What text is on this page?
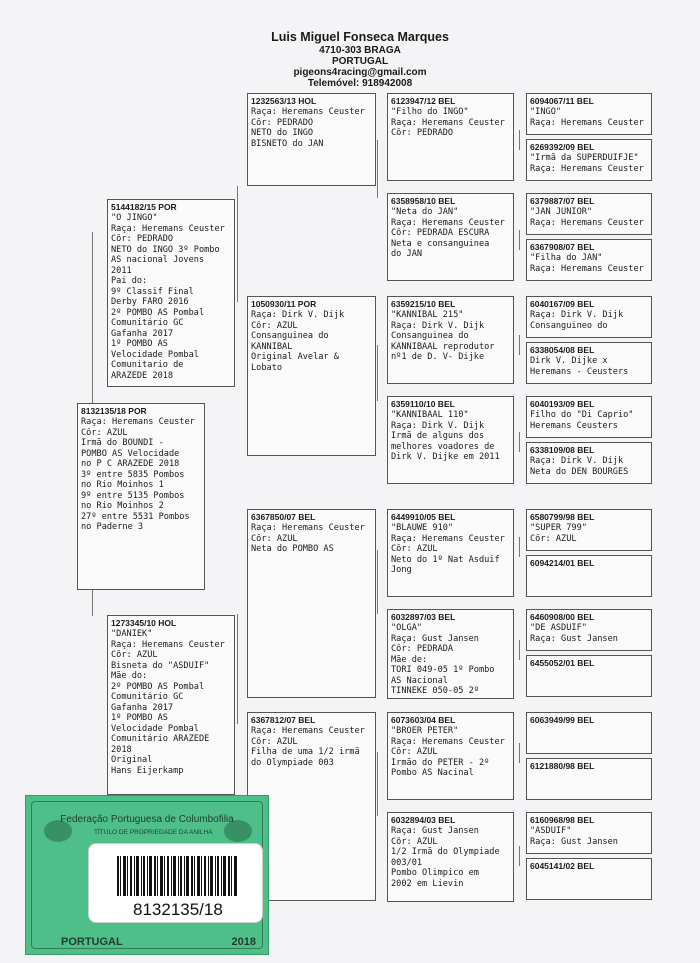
Luis Miguel Fonseca Marques
4710-303 BRAGA
PORTUGAL
pigeons4racing@gmail.com
Telemóvel: 918942008
8132135/18 POR
Raça: Heremans Ceuster
Côr: AZUL
Irmã do BOUNDI -
POMBO ÁS Velocidade
no P C ARAZEDE 2018
3º entre 5835 Pombos
no Rio Moinhos 1
9º entre 5135 Pombos
no Rio Moinhos 2
27º entre 5531 Pombos
no Paderne 3
5144182/15 POR
"O JINGO"
Raça: Heremans Ceuster
Côr: PEDRADO
NETO do INGO 3º Pombo
ÁS nacional Jovens
2011
Pai do:
9º Classif Final
Derby FARO 2016
2º POMBO ÁS Pombal
Comunitário GC
Gafanha 2017
1º POMBO ÁS
Velocidade Pombal
Comunitario de
ARAZEDE 2018
1273345/10 HOL
"DANIEK"
Raça: Heremans Ceuster
Côr: AZUL
Bisneta do "ASDUIF"
Mãe do:
2º POMBO ÁS Pombal
Comunitário GC
Gafanha 2017
1º POMBO ÁS
Velocidade Pombal
Comunitário ARAZEDE
2018
Original
Hans Eijerkamp
1232563/13 HOL
Raça: Heremans Ceuster
Côr: PEDRADO
NETO do INGO
BISNETO do JAN
1050930/11 POR
Raça: Dirk V. Dijk
Côr: AZUL
Consanguinea do
KANNIBAL
Original Avelar &
Lobato
6367850/07 BEL
Raça: Heremans Ceuster
Côr: AZUL
Neta do POMBO ÁS
6367812/07 BEL
Raça: Heremans Ceuster
Côr: AZUL
Filha de uma 1/2 irmã
do Olympiade 003
6123947/12 BEL
"Filho do INGO"
Raça: Heremans Ceuster
Côr: PEDRADO
6358958/10 BEL
"Neta do JAN"
Raça: Heremans Ceuster
Côr: PEDRADA ESCURA
Neta e consanguinea
do JAN
6359215/10 BEL
"KANNIBAL 215"
Raça: Dirk V. Dijk
Consanguinea do
KANNIBAAL reprodutor
nº1 de D. V- Dijke
6359110/10 BEL
"KANNIBAAL 110"
Raça: Dirk V. Dijk
Irmã de alguns dos
melhores voadores de
Dirk V. Dijke em 2011
6449910/05 BEL
"BLAUWE 910"
Raça: Heremans Ceuster
Côr: AZUL
Neto do 1º Nat Asduif
Jong
6032897/03 BEL
"OLGA"
Raça: Gust Jansen
Côr: PEDRADA
Mãe de:
TORI 049-05 1º Pombo
ÁS Nacional
TINNEKE 050-05 2º
6073603/04 BEL
"BROER PETER"
Raça: Heremans Ceuster
Côr: AZUL
Irmão do PETER - 2º
Pombo ÁS Nacinal
6032894/03 BEL
Raça: Gust Jansen
Côr: AZUL
1/2 Irmã do Olympiade
003/01
Pombo Olimpico em
2002 em Lievin
6094067/11 BEL
"INGO"
Raça: Heremans Ceuster
6269392/09 BEL
"Irmã da SUPERDUIFJE"
Raça: Heremans Ceuster
6379887/07 BEL
"JAN JUNIOR"
Raça: Heremans Ceuster
6367908/07 BEL
"Filha do JAN"
Raça: Heremans Ceuster
6040167/09 BEL
Raça: Dirk V. Dijk
Consanguineo do
6338054/08 BEL
Dirk V. Dijke x
Heremans - Ceusters
6040193/09 BEL
Filho do "Di Caprio"
Heremans Ceusters
6338109/08 BEL
Raça: Dirk V. Dijk
Neta do DEN BOURGES
6580799/98 BEL
"SUPER 799"
Côr: AZUL
6094214/01 BEL
6460908/00 BEL
"DE ASDUIF"
Raça: Gust Jansen
6455052/01 BEL
6063949/99 BEL
6121880/98 BEL
6160968/98 BEL
"ASDUIF"
Raça: Gust Jansen
6045141/02 BEL
Federação Portuguesa de Columbofilia
TÍTULO DE PROPRIEDADE DA ANILHA
8132135/18
PORTUGAL	2018
